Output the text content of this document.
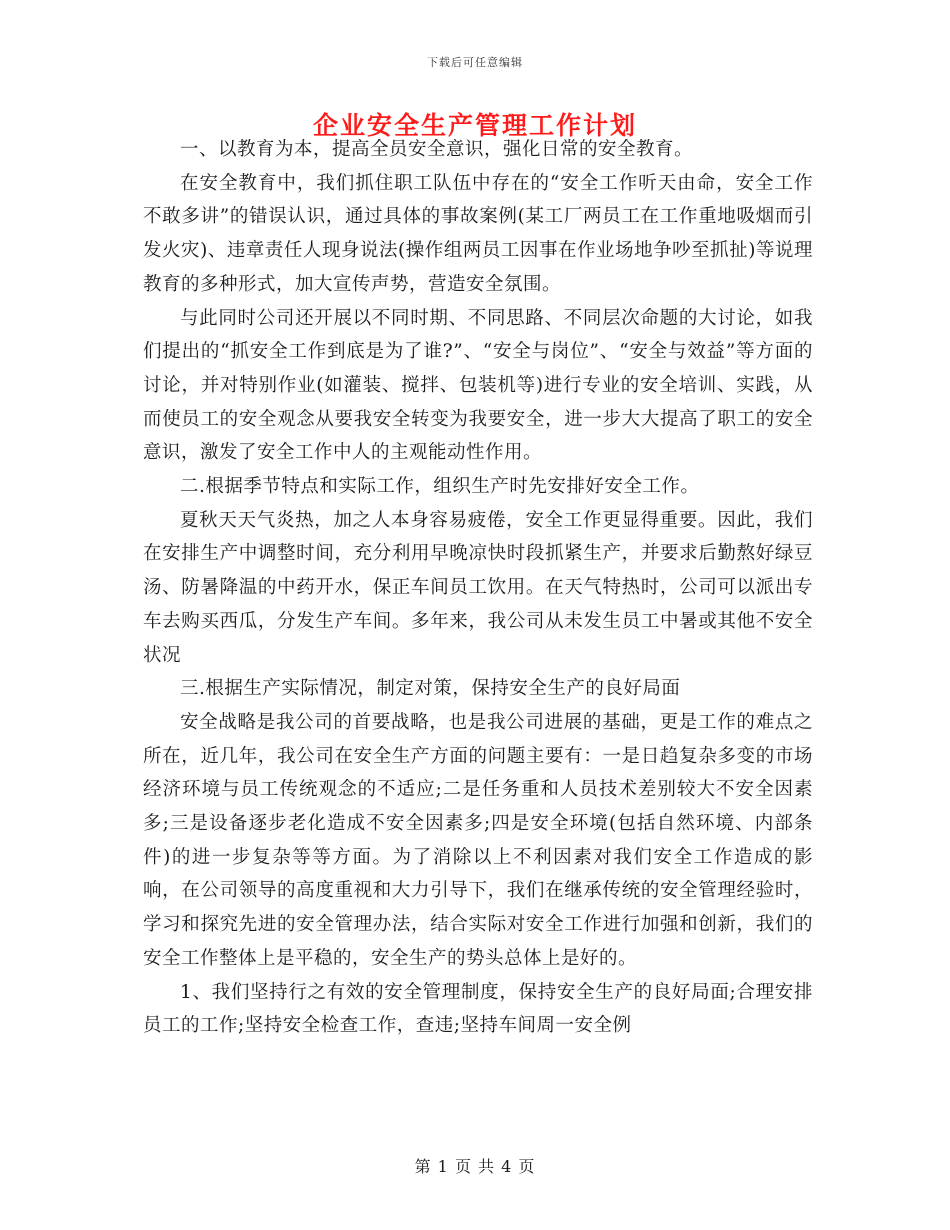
下载后可任意编辑
企业安全生产管理工作计划

一、以教育为本，提高全员安全意识，强化日常的安全教育。

在安全教育中，我们抓住职工队伍中存在的“安全工作听天由命，安全工作不敢多讲”的错误认识，通过具体的事故案例(某工厂两员工在工作重地吸烟而引发火灾)、违章责任人现身说法(操作组两员工因事在作业场地争吵至抓扯)等说理教育的多种形式，加大宣传声势，营造安全氛围。

与此同时公司还开展以不同时期、不同思路、不同层次命题的大讨论，如我们提出的“抓安全工作到底是为了谁?”、“安全与岗位”、“安全与效益”等方面的讨论，并对特别作业(如灌装、搅拌、包装机等)进行专业的安全培训、实践，从而使员工的安全观念从要我安全转变为我要安全，进一步大大提高了职工的安全意识，激发了安全工作中人的主观能动性作用。

二.根据季节特点和实际工作，组织生产时先安排好安全工作。

夏秋天天气炎热，加之人本身容易疲倦，安全工作更显得重要。因此，我们在安排生产中调整时间，充分利用早晚凉快时段抓紧生产，并要求后勤熬好绿豆汤、防暑降温的中药开水，保正车间员工饮用。在天气特热时，公司可以派出专车去购买西瓜，分发生产车间。多年来，我公司从未发生员工中暑或其他不安全状况

三.根据生产实际情况，制定对策，保持安全生产的良好局面

安全战略是我公司的首要战略，也是我公司进展的基础，更是工作的难点之所在，近几年，我公司在安全生产方面的问题主要有：一是日趋复杂多变的市场经济环境与员工传统观念的不适应;二是任务重和人员技术差别较大不安全因素多;三是设备逐步老化造成不安全因素多;四是安全环境(包括自然环境、内部条件)的进一步复杂等等方面。为了消除以上不利因素对我们安全工作造成的影响，在公司领导的高度重视和大力引导下，我们在继承传统的安全管理经验时，学习和探究先进的安全管理办法，结合实际对安全工作进行加强和创新，我们的安全工作整体上是平稳的，安全生产的势头总体上是好的。

1、我们坚持行之有效的安全管理制度，保持安全生产的良好局面;合理安排员工的工作;坚持安全检查工作，查违;坚持车间周一安全例

第 1 页 共 4 页
